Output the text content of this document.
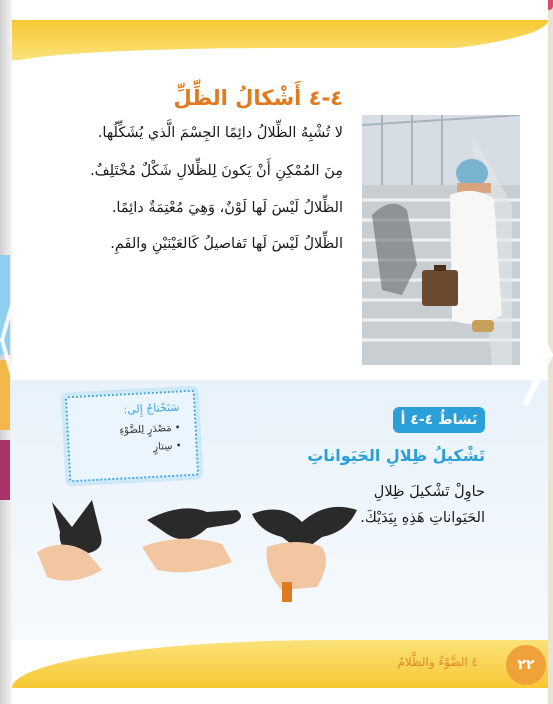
٤-٤ أَشْكالُ الظِّلِّ
لا تُشْبِهُ الظِّلالُ دائِمًا الجِسْمَ الَّذي يُشَكِّلُها.
مِنَ المُمْكِنِ أَنْ يَكونَ لِلظِّلالِ شَكْلٌ مُخْتَلِفٌ.
الظِّلالُ لَيْسَ لَها لَوْنٌ، وَهِيَ مُعْتِمَةٌ دائِمًا.
الظِّلالُ لَيْسَ لَها تَفاصيلُ كَالعَيْنَيْنِ والفَمِ.
نَشاطُ ٤-٤ أ
تَشْكيلُ ظِلالِ الحَيَواناتِ
حاوِلْ تَشْكيلَ ظِلالِ
الحَيَواناتِ هَذِهِ بِيَدَيْكَ.
سَتَحْتاجُ إِلى:
• مَصْدَرٍ لِلضَّوْءِ
• سِتارٍ
٤ الضَّوْءُ والظَّلامُ	٢٢
